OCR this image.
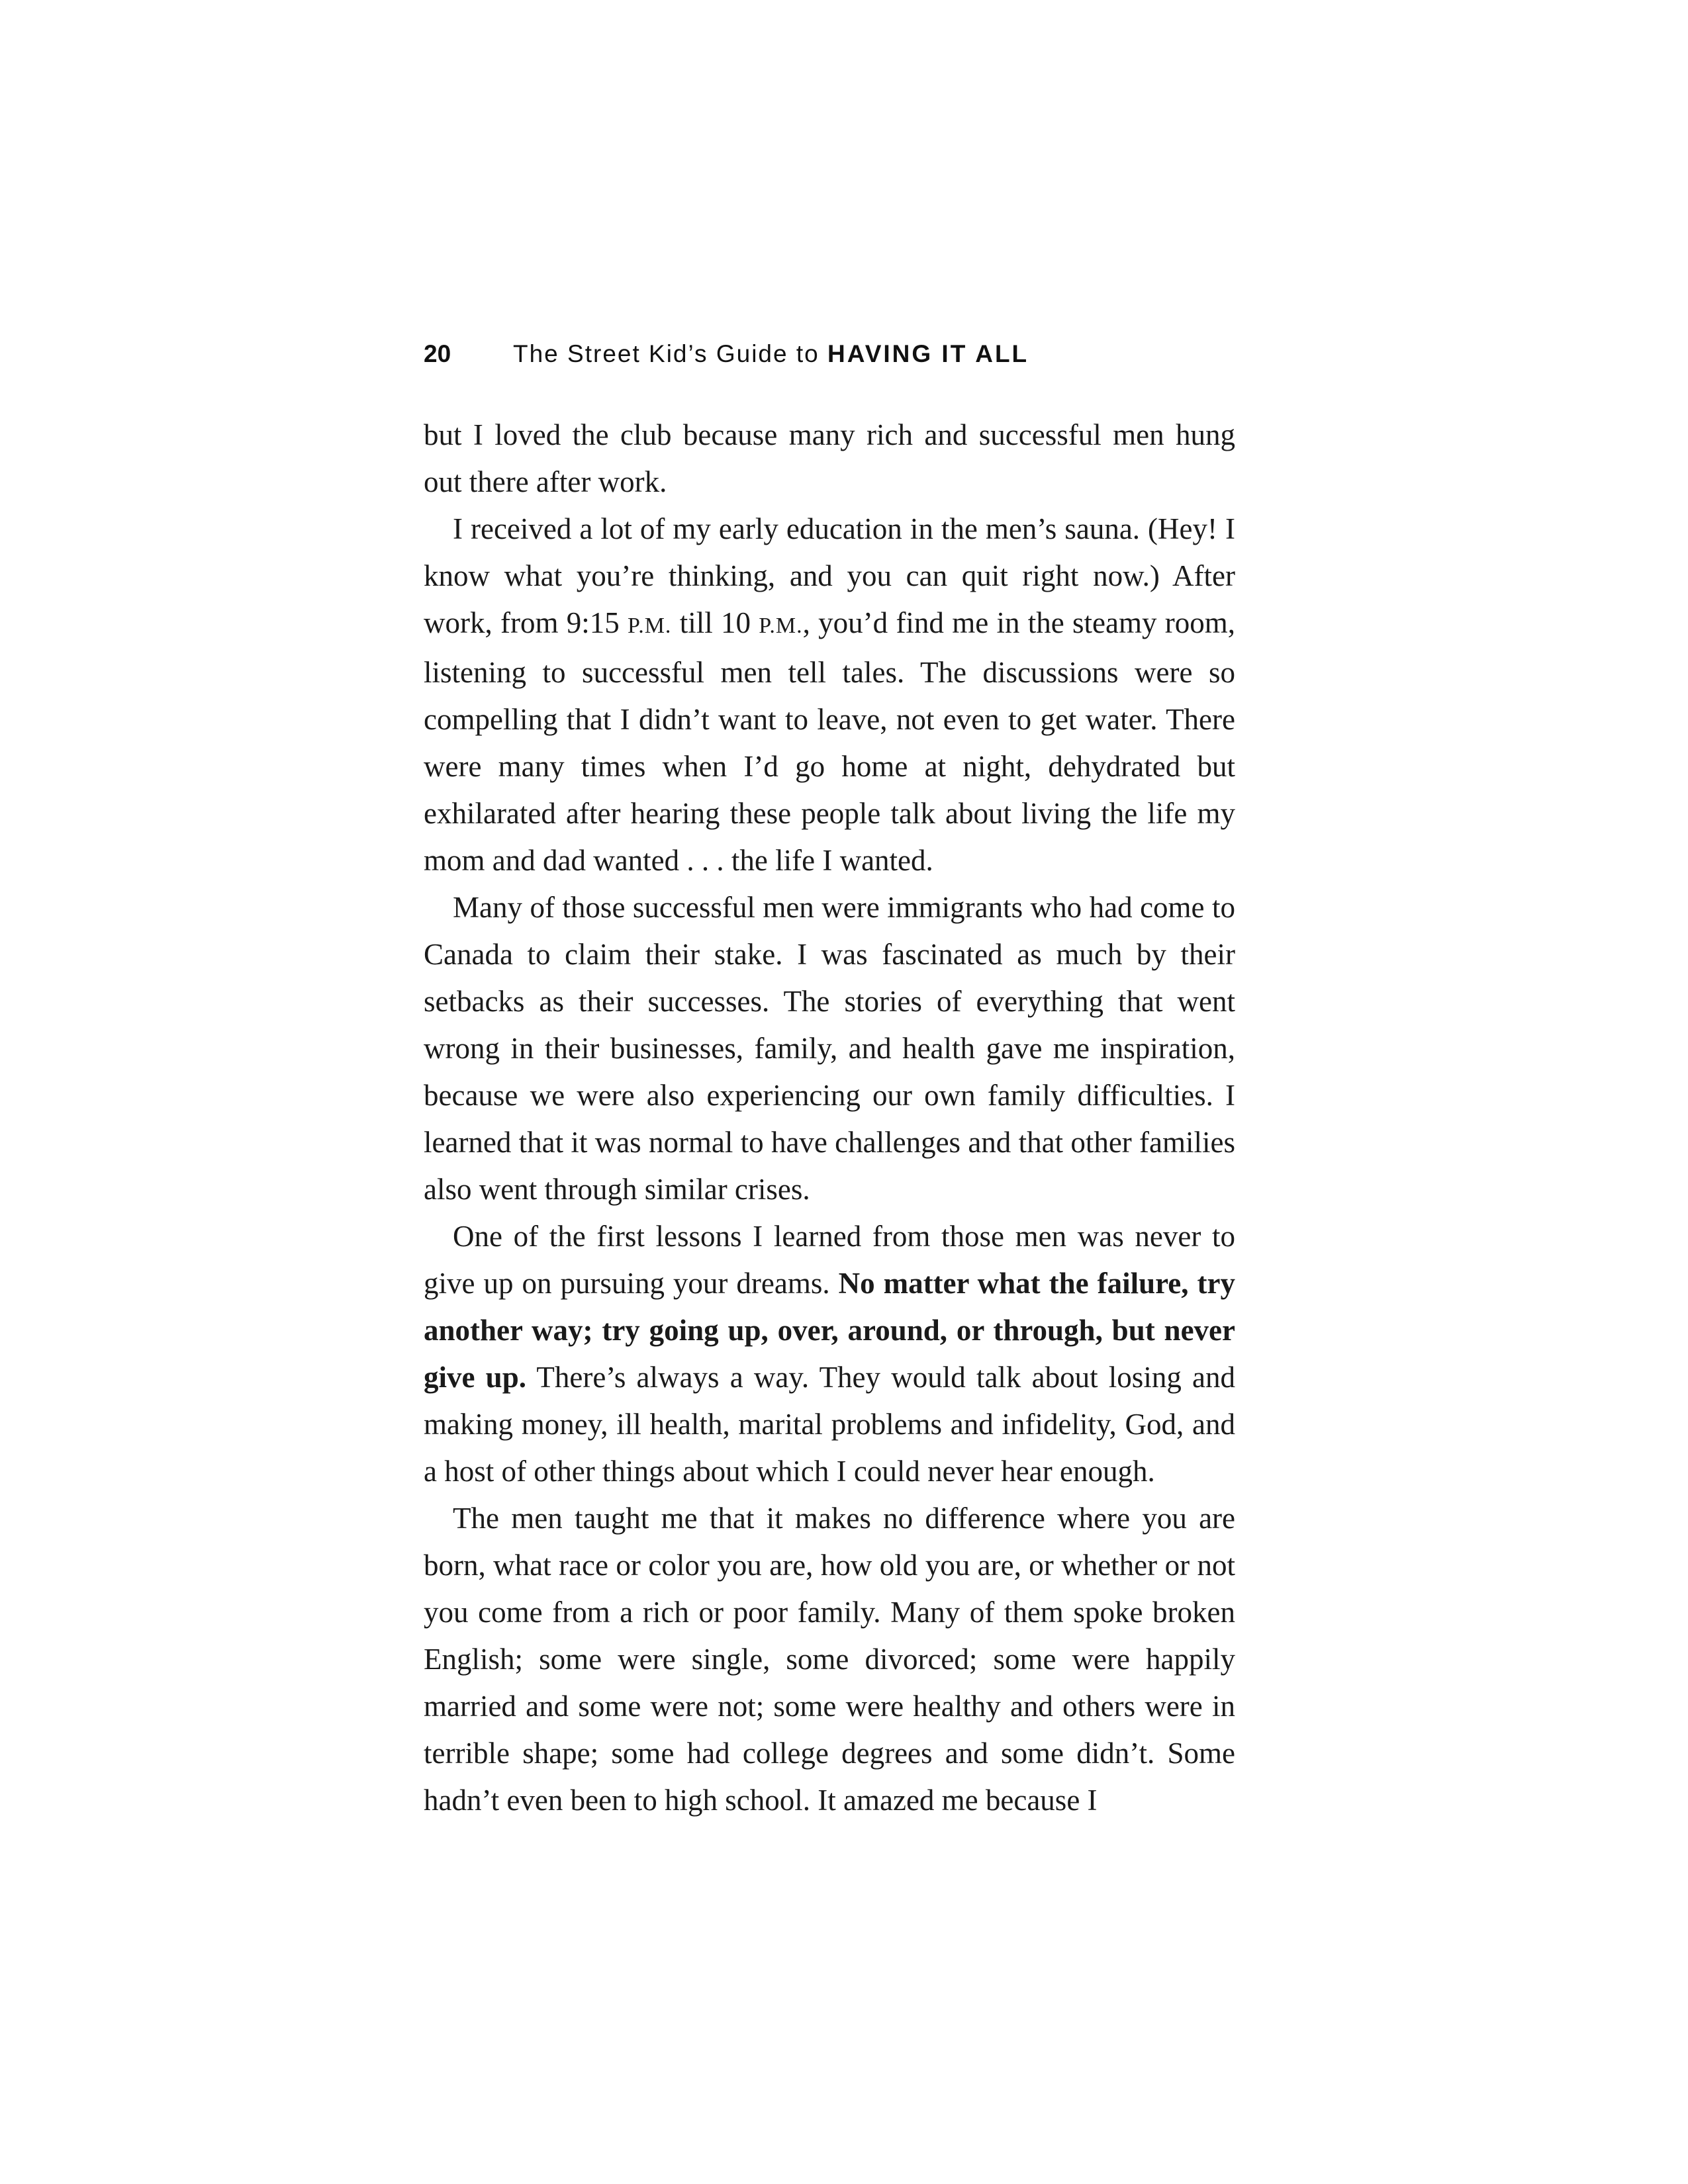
20	The Street Kid’s Guide to HAVING IT ALL

but I loved the club because many rich and successful men hung out there after work.

I received a lot of my early education in the men’s sauna. (Hey! I know what you’re thinking, and you can quit right now.) After work, from 9:15 P.M. till 10 P.M., you’d find me in the steamy room, listening to successful men tell tales. The discussions were so compelling that I didn’t want to leave, not even to get water. There were many times when I’d go home at night, dehydrated but exhilarated after hearing these people talk about living the life my mom and dad wanted . . . the life I wanted.

Many of those successful men were immigrants who had come to Canada to claim their stake. I was fascinated as much by their setbacks as their successes. The stories of everything that went wrong in their businesses, family, and health gave me inspiration, because we were also experiencing our own family difficulties. I learned that it was normal to have challenges and that other families also went through similar crises.

One of the first lessons I learned from those men was never to give up on pursuing your dreams. No matter what the failure, try another way; try going up, over, around, or through, but never give up. There’s always a way. They would talk about losing and making money, ill health, marital problems and infidelity, God, and a host of other things about which I could never hear enough.

The men taught me that it makes no difference where you are born, what race or color you are, how old you are, or whether or not you come from a rich or poor family. Many of them spoke broken English; some were single, some divorced; some were happily married and some were not; some were healthy and others were in terrible shape; some had college degrees and some didn’t. Some hadn’t even been to high school. It amazed me because I
